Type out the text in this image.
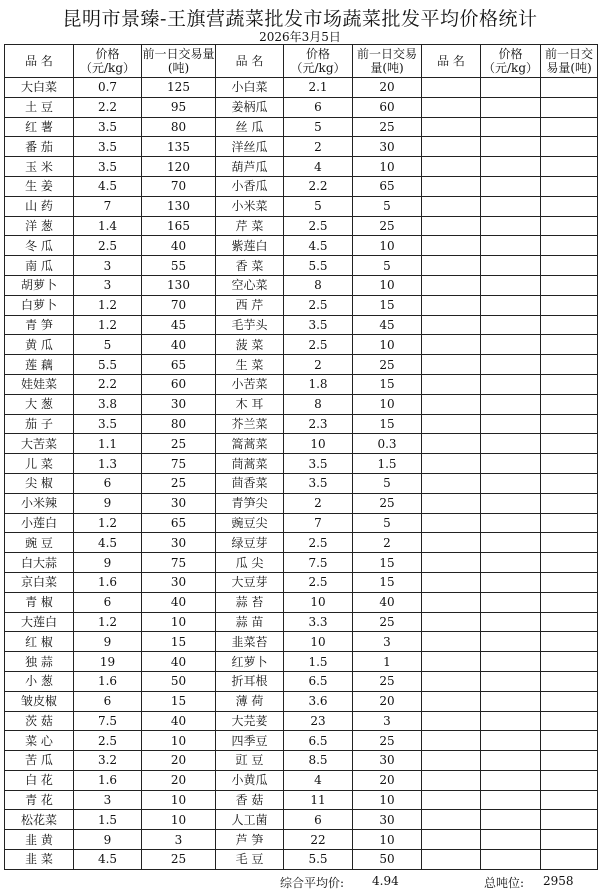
昆明市景臻-王旗营蔬菜批发市场蔬菜批发平均价格统计
2026年3月5日
品 名	价格（元/kg）	前一日交易量(吨)	品 名	价格（元/kg）	前一日交易量(吨)	品 名	价格（元/kg）	前一日交易量(吨)
大白菜	0.7	125	小白菜	2.1	20			
土 豆	2.2	95	姜柄瓜	6	60			
红 薯	3.5	80	丝 瓜	5	25			
番 茄	3.5	135	洋丝瓜	2	30			
玉 米	3.5	120	葫芦瓜	4	10			
生 姜	4.5	70	小香瓜	2.2	65			
山 药	7	130	小米菜	5	5			
洋 葱	1.4	165	芹 菜	2.5	25			
冬 瓜	2.5	40	紫莲白	4.5	10			
南 瓜	3	55	香 菜	5.5	5			
胡萝卜	3	130	空心菜	8	10			
白萝卜	1.2	70	西 芹	2.5	15			
青 笋	1.2	45	毛芋头	3.5	45			
黄 瓜	5	40	菠 菜	2.5	10			
莲 藕	5.5	65	生 菜	2	25			
娃娃菜	2.2	60	小苦菜	1.8	15			
大 葱	3.8	30	木 耳	8	10			
茄 子	3.5	80	芥兰菜	2.3	15			
大苦菜	1.1	25	篙蒿菜	10	0.3			
儿 菜	1.3	75	茼蒿菜	3.5	1.5			
尖 椒	6	25	茴香菜	3.5	5			
小米辣	9	30	青笋尖	2	25			
小莲白	1.2	65	豌豆尖	7	5			
豌 豆	4.5	30	绿豆芽	2.5	2			
白大蒜	9	75	瓜 尖	7.5	15			
京白菜	1.6	30	大豆芽	2.5	15			
青 椒	6	40	蒜 苔	10	40			
大莲白	1.2	10	蒜 苗	3.3	25			
红 椒	9	15	韭菜苔	10	3			
独 蒜	19	40	红萝卜	1.5	1			
小 葱	1.6	50	折耳根	6.5	25			
皱皮椒	6	15	薄 荷	3.6	20			
茨 菇	7.5	40	大芫荽	23	3			
菜 心	2.5	10	四季豆	6.5	25			
苦 瓜	3.2	20	豇 豆	8.5	30			
白 花	1.6	20	小黄瓜	4	20			
青 花	3	10	香 菇	11	10			
松花菜	1.5	10	人工菌	6	30			
韭 黄	9	3	芦 笋	22	10			
韭 菜	4.5	25	毛 豆	5.5	50			
综合平均价: 4.94	总吨位: 2958
